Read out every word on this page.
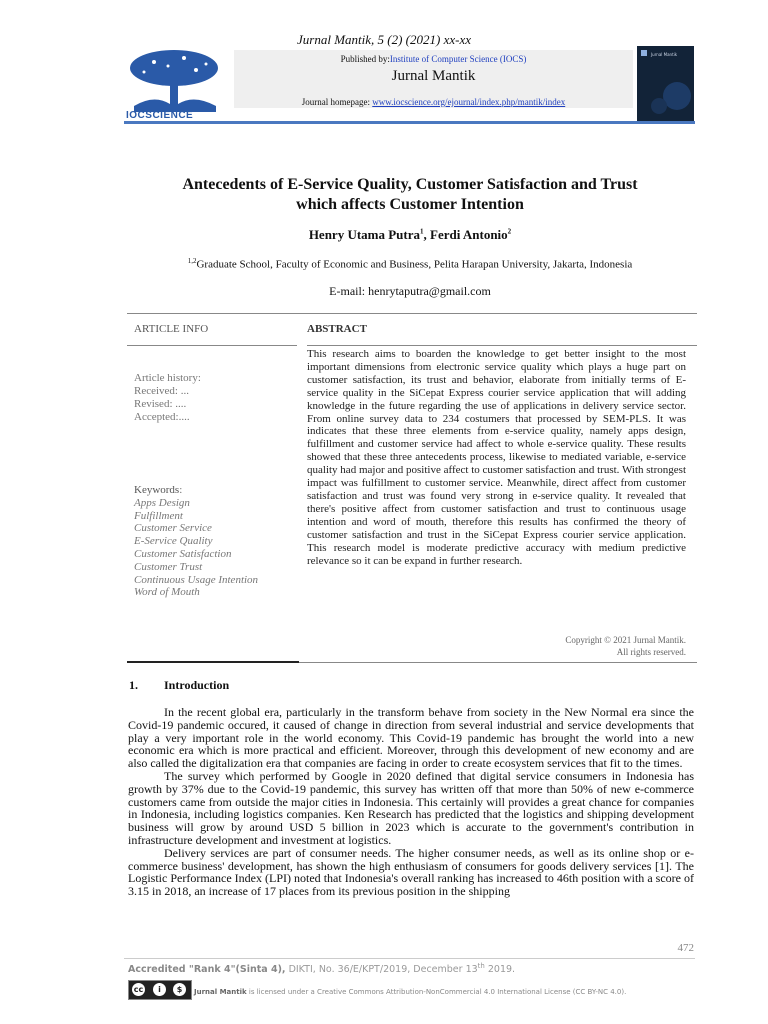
Jurnal Mantik, 5 (2) (2021) xx-xx
IOCSCIENCE
Published by:Institute of Computer Science (IOCS)
Jurnal Mantik
Journal homepage: www.iocscience.org/ejournal/index.php/mantik/index
Jurnal Mantik
Antecedents of E-Service Quality, Customer Satisfaction and Trust
which affects Customer Intention
Henry Utama Putra$^1$, Ferdi Antonio$^2$
$^{1,2}$Graduate School, Faculty of Economic and Business, Pelita Harapan University, Jakarta, Indonesia
E-mail: henrytaputra@gmail.com
ARTICLE INFO	ABSTRACT
Article history:
Received: ...
Revised: ....
Accepted:....
Keywords:
Apps Design
Fulfillment
Customer Service
E-Service Quality
Customer Satisfaction
Customer Trust
Continuous Usage Intention
Word of Mouth
This research aims to boarden the knowledge to get better insight to the most important dimensions from electronic service quality which plays a huge part on customer satisfaction, its trust and behavior, elaborate from initially terms of E-service quality in the SiCepat Express courier service application that will adding knowledge in the future regarding the use of applications in delivery service sector. From online survey data to 234 costumers that processed by SEM-PLS. It was indicates that these three elements from e-service quality, namely apps design, fulfillment and customer service had affect to whole e-service quality. These results showed that these three antecedents process, likewise to mediated variable, e-service quality had major and positive affect to customer satisfaction and trust. With strongest impact was fulfillment to customer service. Meanwhile, direct affect from customer satisfaction and trust was found very strong in e-service quality. It revealed that there's positive affect from customer satisfaction and trust to continuous usage intention and word of mouth, therefore this results has confirmed the theory of customer satisfaction and trust in the SiCepat Express courier service application. This research model is moderate predictive accuracy with medium predictive relevance so it can be expand in further research.
Copyright © 2021 Jurnal Mantik.
All rights reserved.
1. Introduction

In the recent global era, particularly in the transform behave from society in the New Normal era since the Covid-19 pandemic occured, it caused of change in direction from several industrial and service developments that play a very important role in the world economy. This Covid-19 pandemic has brought the world into a new economic era which is more practical and efficient. Moreover, through this development of new economy and are also called the digitalization era that companies are facing in order to create ecosystem services that fit to the times.

The survey which performed by Google in 2020 defined that digital service consumers in Indonesia has growth by 37% due to the Covid-19 pandemic, this survey has written off that more than 50% of new e-commerce customers came from outside the major cities in Indonesia. This certainly will provides a great chance for companies in Indonesia, including logistics companies. Ken Research has predicted that the logistics and shipping development business will grow by around USD 5 billion in 2023 which is accurate to the government's contribution in infrastructure development and investment at logistics.

Delivery services are part of consumer needs. The higher consumer needs, as well as its online shop or e-commerce business' development, has shown the high enthusiasm of consumers for goods delivery services [1]. The Logistic Performance Index (LPI) noted that Indonesia's overall ranking has increased to 46th position with a score of 3.15 in 2018, an increase of 17 places from its previous position in the shipping

472
Accredited "Rank 4"(Sinta 4), DIKTI, No. 36/E/KPT/2019, December 13th 2019.
cc	i	$	Jurnal Mantik is licensed under a Creative Commons Attribution-NonCommercial 4.0 International License (CC BY-NC 4.0).
